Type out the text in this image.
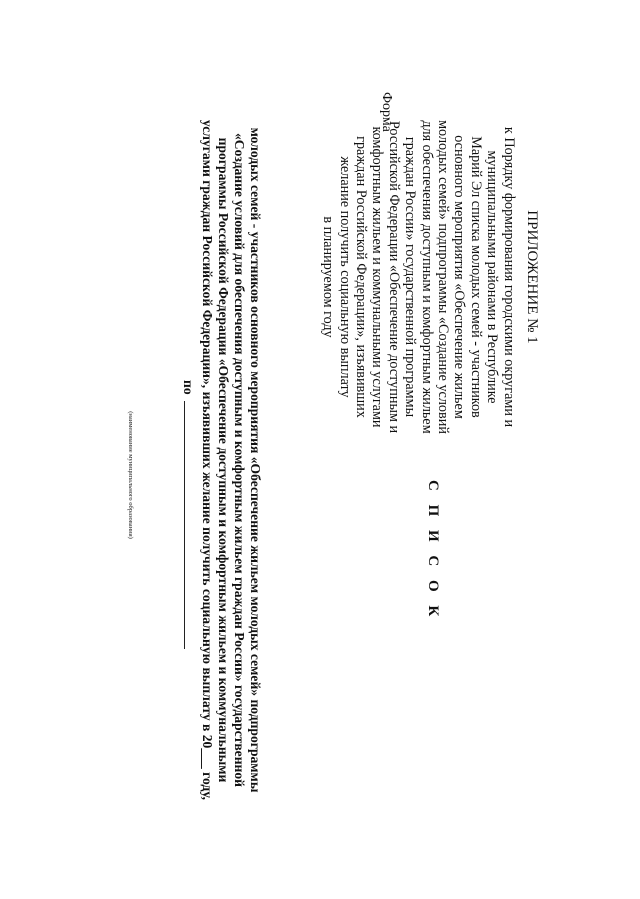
ПРИЛОЖЕНИЕ № 1
к Порядку формирования городскими округами и
муниципальными районами в Республике
Марий Эл списка молодых семей - участников
основного мероприятия «Обеспечение жильем
молодых семей» подпрограммы «Создание условий
для обеспечения доступным и комфортным жильем
граждан России» государственной программы
Российской Федерации «Обеспечение доступным и
комфортным жильем и коммунальными услугами
граждан Российской Федерации», изъявивших
желание получить социальную выплату
в планируемом году
Форма
С П И С О К
молодых семей - участников основного мероприятия «Обеспечение жильем молодых семей» подпрограммы
«Создание условий для обеспечения доступным и комфортным жильем граждан России» государственной
программы Российской Федерации «Обеспечение доступным и комфортным жильем и коммунальными
услугами граждан Российской Федерации», изъявивших желание получить социальную выплату в 20___ году,
по
(наименование муниципального образования)
